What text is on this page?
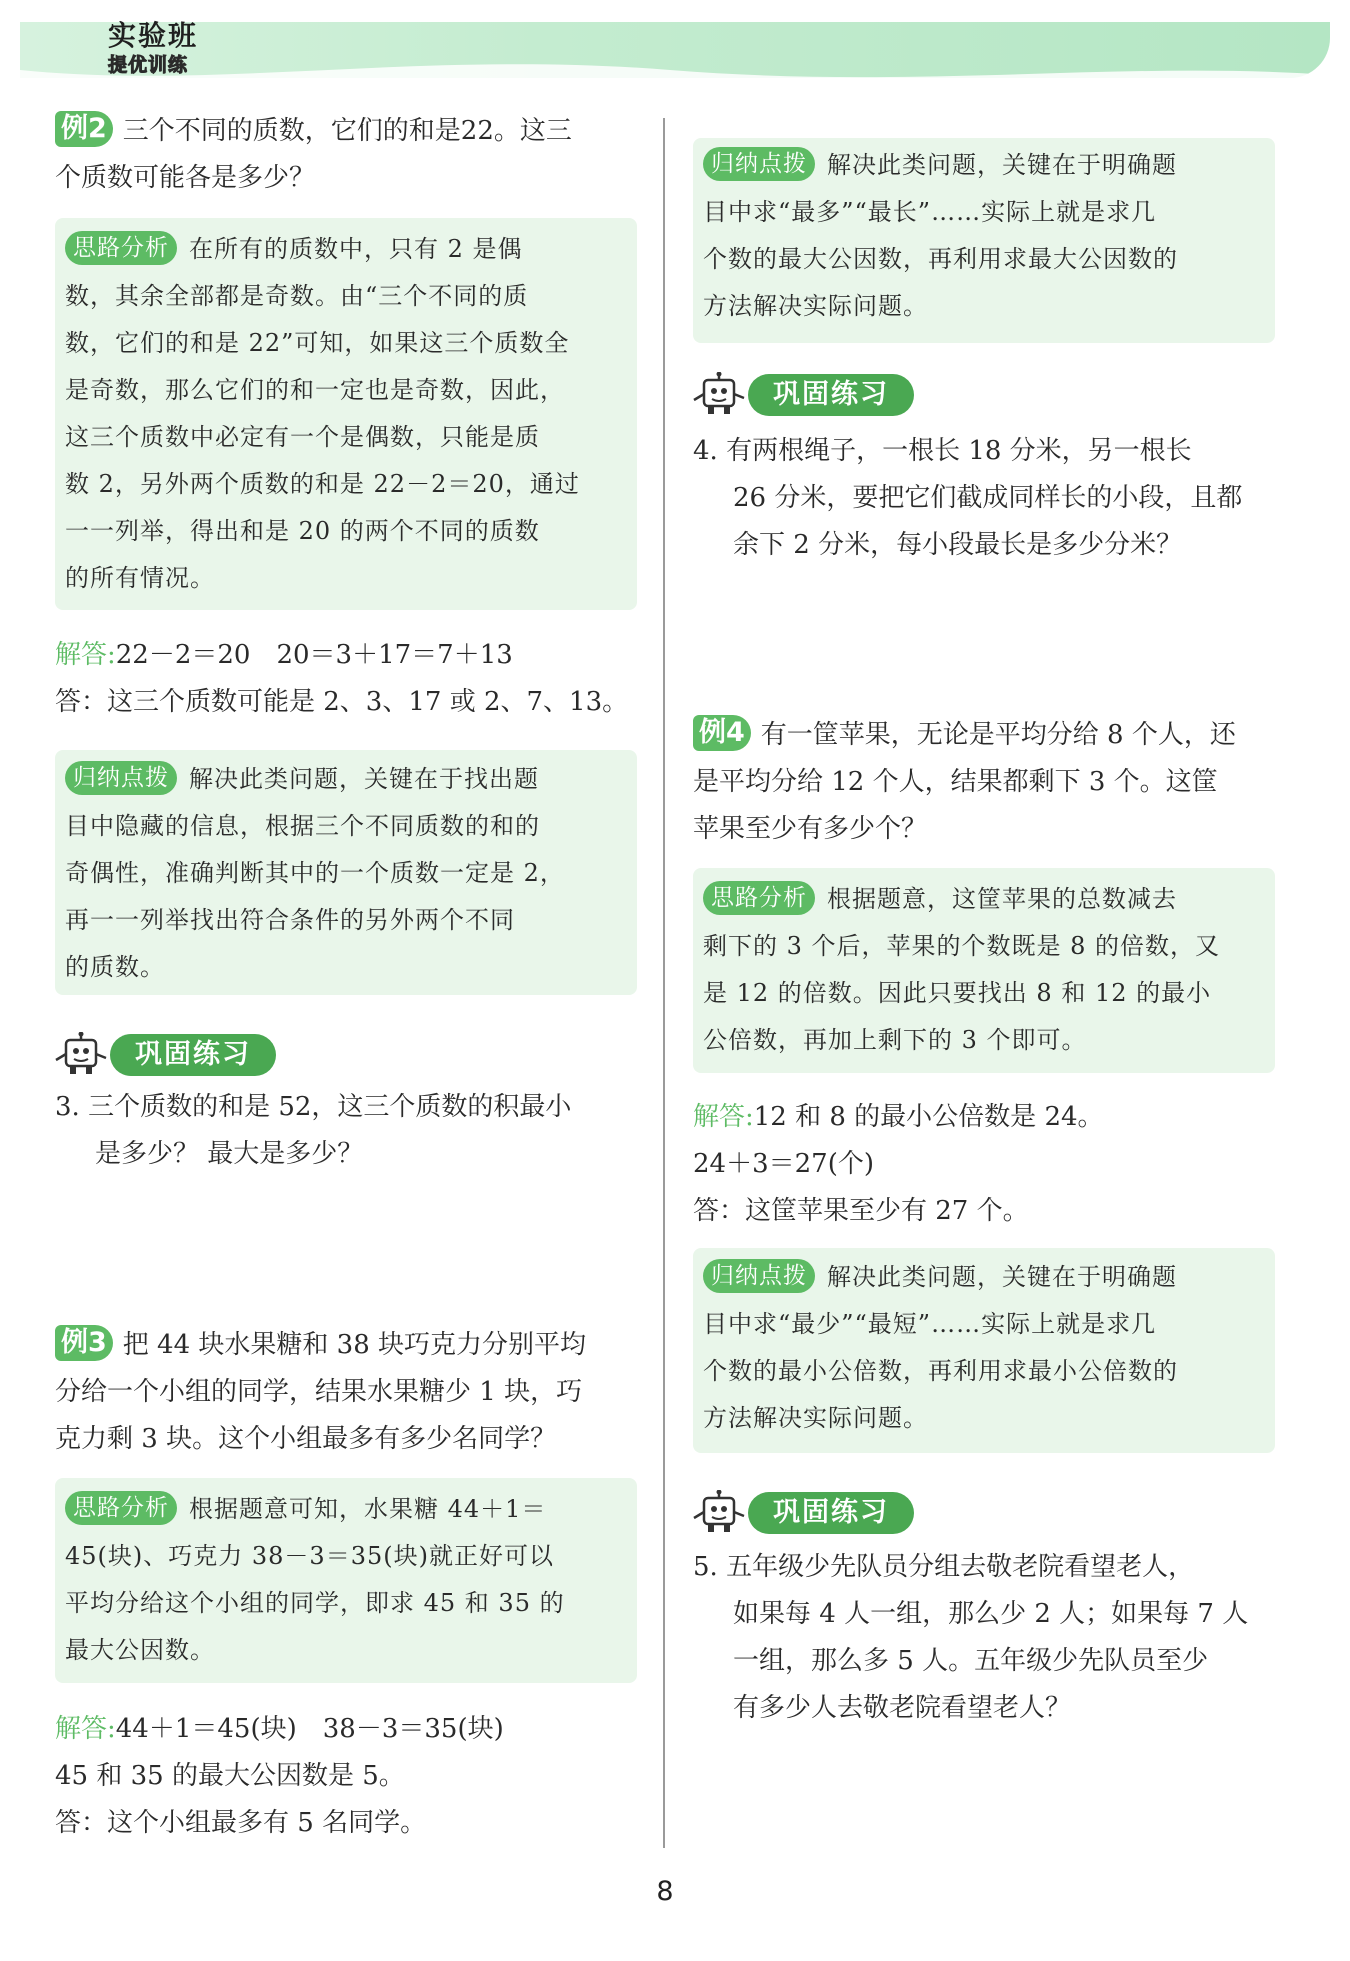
实验班
提优训练
例2 三个不同的质数，它们的和是22。这三
个质数可能各是多少？
思路分析 在所有的质数中，只有 2 是偶
数，其余全部都是奇数。由“三个不同的质
数，它们的和是 22”可知，如果这三个质数全
是奇数，那么它们的和一定也是奇数，因此，
这三个质数中必定有一个是偶数，只能是质
数 2，另外两个质数的和是 22－2＝20，通过
一一列举，得出和是 20 的两个不同的质数
的所有情况。
解答:22－2＝20　20＝3＋17＝7＋13
答：这三个质数可能是 2、3、17 或 2、7、13。
归纳点拨 解决此类问题，关键在于找出题
目中隐藏的信息，根据三个不同质数的和的
奇偶性，准确判断其中的一个质数一定是 2，
再一一列举找出符合条件的另外两个不同
的质数。
巩固练习
3. 三个质数的和是 52，这三个质数的积最小
是多少？ 最大是多少？
例3 把 44 块水果糖和 38 块巧克力分别平均
分给一个小组的同学，结果水果糖少 1 块，巧
克力剩 3 块。这个小组最多有多少名同学？
思路分析 根据题意可知，水果糖 44＋1＝
45(块)、巧克力 38－3＝35(块)就正好可以
平均分给这个小组的同学，即求 45 和 35 的
最大公因数。
解答:44＋1＝45(块)　38－3＝35(块)
45 和 35 的最大公因数是 5。
答：这个小组最多有 5 名同学。
归纳点拨 解决此类问题，关键在于明确题
目中求“最多”“最长”……实际上就是求几
个数的最大公因数，再利用求最大公因数的
方法解决实际问题。
巩固练习
4. 有两根绳子，一根长 18 分米，另一根长
26 分米，要把它们截成同样长的小段，且都
余下 2 分米，每小段最长是多少分米？
例4 有一筐苹果，无论是平均分给 8 个人，还
是平均分给 12 个人，结果都剩下 3 个。这筐
苹果至少有多少个？
思路分析 根据题意，这筐苹果的总数减去
剩下的 3 个后，苹果的个数既是 8 的倍数，又
是 12 的倍数。因此只要找出 8 和 12 的最小
公倍数，再加上剩下的 3 个即可。
解答:12 和 8 的最小公倍数是 24。
24＋3＝27(个)
答：这筐苹果至少有 27 个。
归纳点拨 解决此类问题，关键在于明确题
目中求“最少”“最短”……实际上就是求几
个数的最小公倍数，再利用求最小公倍数的
方法解决实际问题。
巩固练习
5. 五年级少先队员分组去敬老院看望老人，
如果每 4 人一组，那么少 2 人；如果每 7 人
一组，那么多 5 人。五年级少先队员至少
有多少人去敬老院看望老人？
8
